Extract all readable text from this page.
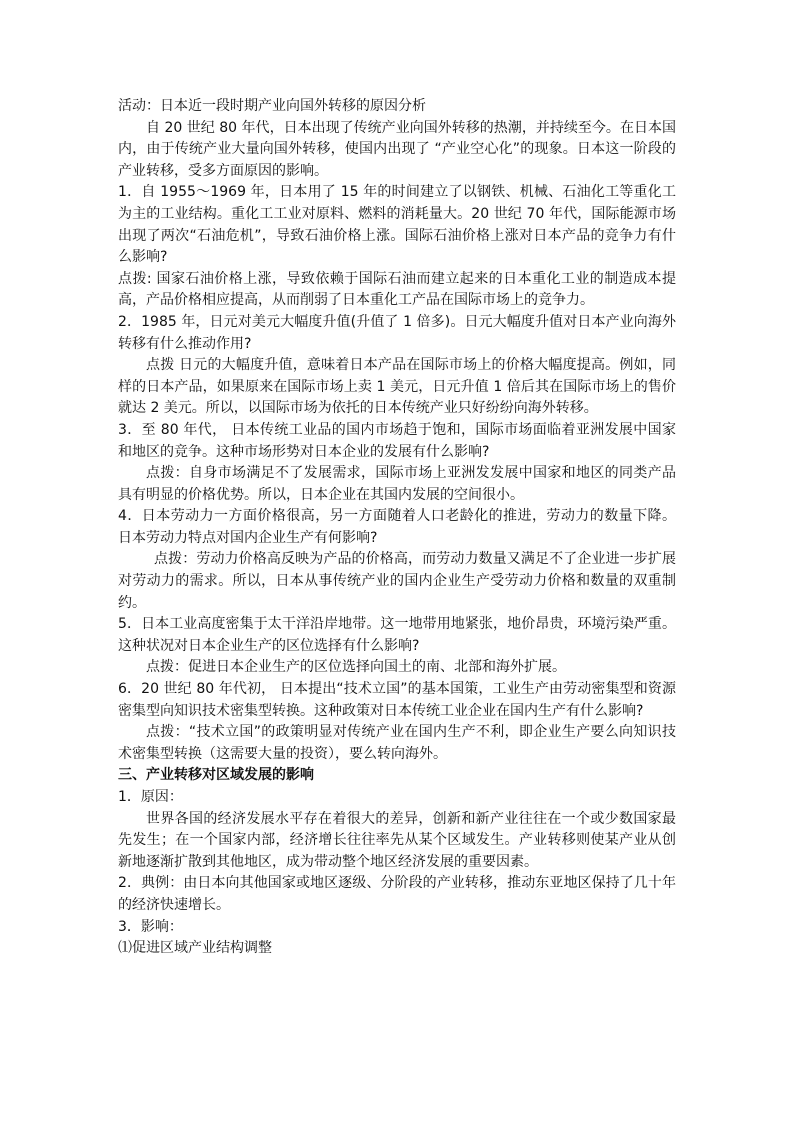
活动：日本近一段时期产业向国外转移的原因分析

自 20 世纪 80 年代，日本出现了传统产业向国外转移的热潮，并持续至今。在日本国内，由于传统产业大量向国外转移，使国内出现了 “产业空心化”的现象。日本这一阶段的产业转移，受多方面原因的影响。

1．自 1955～1969 年，日本用了 15 年的时间建立了以钢铁、机械、石油化工等重化工为主的工业结构。重化工工业对原料、燃料的消耗量大。20 世纪 70 年代，国际能源市场出现了两次“石油危机”，导致石油价格上涨。国际石油价格上涨对日本产品的竞争力有什么影响?

点拨: 国家石油价格上涨，导致依赖于国际石油而建立起来的日本重化工业的制造成本提高，产品价格相应提高，从而削弱了日本重化工产品在国际市场上的竞争力。

2．1985 年，日元对美元大幅度升值(升值了 1 倍多)。日元大幅度升值对日本产业向海外转移有什么推动作用?

点拨 日元的大幅度升值，意味着日本产品在国际市场上的价格大幅度提高。例如，同样的日本产品，如果原来在国际市场上卖 1 美元，日元升值 1 倍后其在国际市场上的售价就达 2 美元。所以，以国际市场为依托的日本传统产业只好纷纷向海外转移。

3．至 80 年代， 日本传统工业品的国内市场趋于饱和，国际市场面临着亚洲发展中国家和地区的竞争。这种市场形势对日本企业的发展有什么影响?

点拨：自身市场满足不了发展需求，国际市场上亚洲发发展中国家和地区的同类产品具有明显的价格优势。所以，日本企业在其国内发展的空间很小。

4．日本劳动力一方面价格很高，另一方面随着人口老龄化的推进，劳动力的数量下降。 日本劳动力特点对国内企业生产有何影响?

点拨：劳动力价格高反映为产品的价格高，而劳动力数量又满足不了企业进一步扩展对劳动力的需求。所以，日本从事传统产业的国内企业生产受劳动力价格和数量的双重制约。

5．日本工业高度密集于太干洋沿岸地带。这一地带用地紧张，地价昂贵，环境污染严重。这种状况对日本企业生产的区位选择有什么影响?

点拨：促进日本企业生产的区位选择向国土的南、北部和海外扩展。

6．20 世纪 80 年代初， 日本提出“技术立国”的基本国策，工业生产由劳动密集型和资源密集型向知识技术密集型转换。这种政策对日本传统工业企业在国内生产有什么影响?

点拨：“技术立国”的政策明显对传统产业在国内生产不利，即企业生产要么向知识技术密集型转换（这需要大量的投资），要么转向海外。

三、产业转移对区域发展的影响

1．原因：

世界各国的经济发展水平存在着很大的差异，创新和新产业往往在一个或少数国家最先发生；在一个国家内部，经济增长往往率先从某个区域发生。产业转移则使某产业从创新地逐渐扩散到其他地区，成为带动整个地区经济发展的重要因素。

2．典例：由日本向其他国家或地区逐级、分阶段的产业转移，推动东亚地区保持了几十年的经济快速增长。

3．影响：

⑴促进区域产业结构调整
